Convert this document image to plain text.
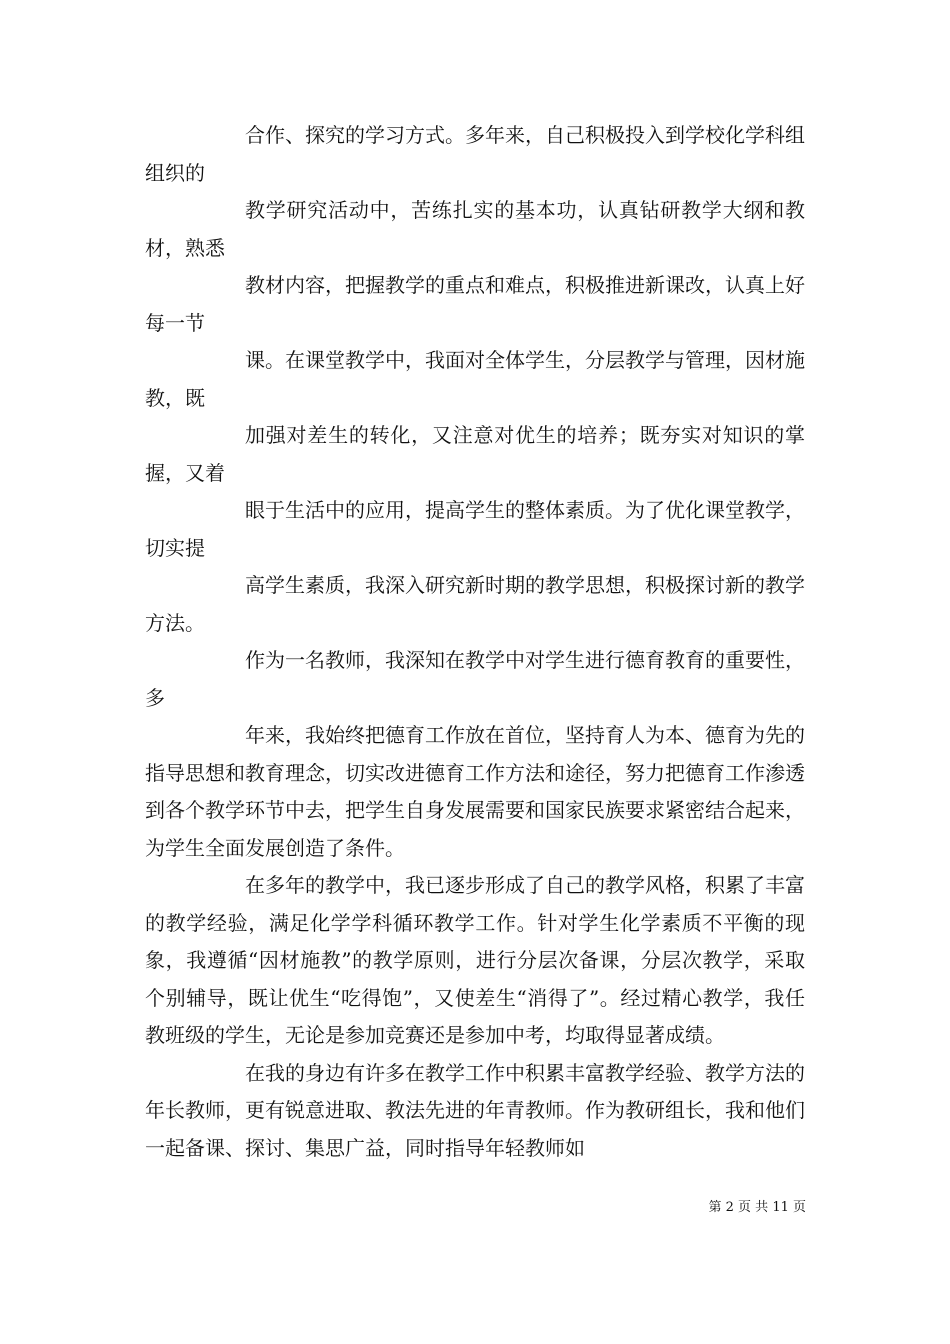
合作、探究的学习方式。多年来，自己积极投入到学校化学科组组织的

教学研究活动中，苦练扎实的基本功，认真钻研教学大纲和教材，熟悉

教材内容，把握教学的重点和难点，积极推进新课改，认真上好每一节

课。在课堂教学中，我面对全体学生，分层教学与管理，因材施教，既

加强对差生的转化，又注意对优生的培养；既夯实对知识的掌握，又着

眼于生活中的应用，提高学生的整体素质。为了优化课堂教学，切实提

高学生素质，我深入研究新时期的教学思想，积极探讨新的教学方法。

作为一名教师，我深知在教学中对学生进行德育教育的重要性，多

年来，我始终把德育工作放在首位，坚持育人为本、德育为先的指导思想和教育理念，切实改进德育工作方法和途径，努力把德育工作渗透到各个教学环节中去，把学生自身发展需要和国家民族要求紧密结合起来，为学生全面发展创造了条件。

在多年的教学中，我已逐步形成了自己的教学风格，积累了丰富的教学经验，满足化学学科循环教学工作。针对学生化学素质不平衡的现象，我遵循“因材施教”的教学原则，进行分层次备课，分层次教学，采取个别辅导，既让优生“吃得饱”，又使差生“消得了”。经过精心教学，我任教班级的学生，无论是参加竞赛还是参加中考，均取得显著成绩。

在我的身边有许多在教学工作中积累丰富教学经验、教学方法的年长教师，更有锐意进取、教法先进的年青教师。作为教研组长，我和他们一起备课、探讨、集思广益，同时指导年轻教师如

第 2 页 共 11 页
